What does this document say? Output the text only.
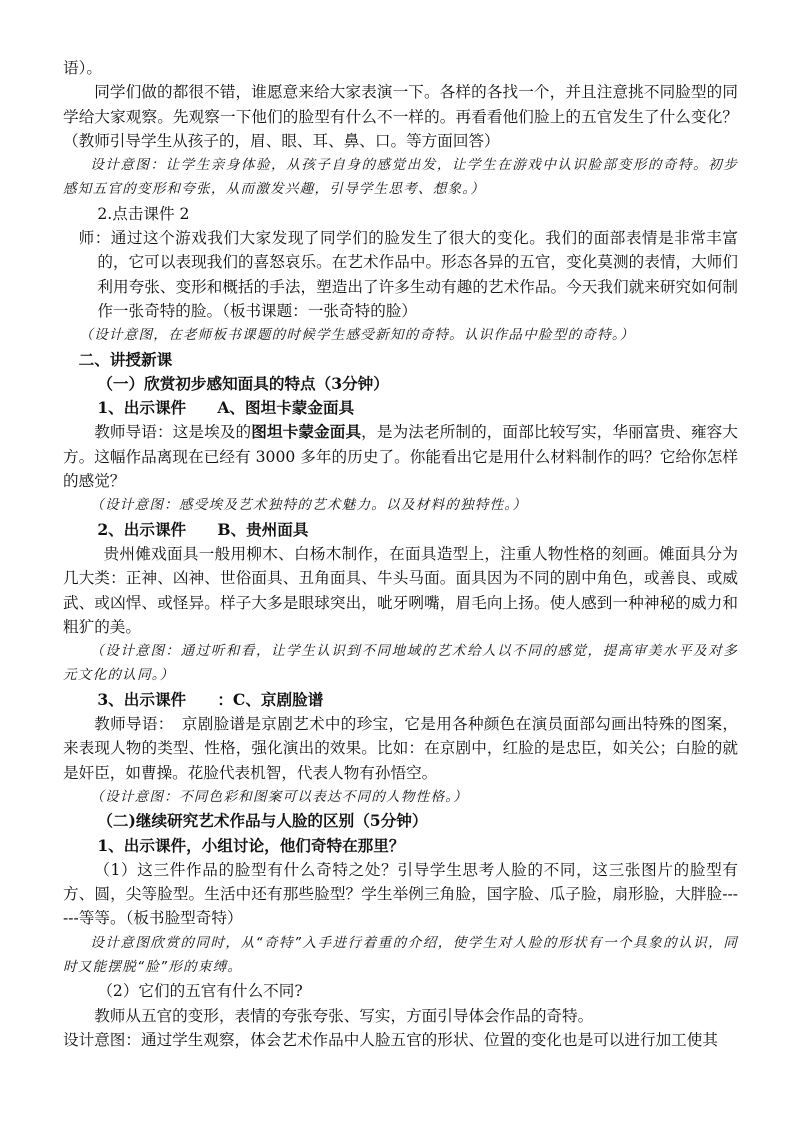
语）。

同学们做的都很不错，谁愿意来给大家表演一下。各样的各找一个，并且注意挑不同脸型的同学给大家观察。先观察一下他们的脸型有什么不一样的。再看看他们脸上的五官发生了什么变化？（教师引导学生从孩子的，眉、眼、耳、鼻、口。等方面回答）

设计意图：让学生亲身体验，从孩子自身的感觉出发，让学生在游戏中认识脸部变形的奇特。初步感知五官的变形和夸张，从而激发兴趣，引导学生思考、想象。）

2.点击课件 2

师：通过这个游戏我们大家发现了同学们的脸发生了很大的变化。我们的面部表情是非常丰富的，它可以表现我们的喜怒哀乐。在艺术作品中。形态各异的五官，变化莫测的表情，大师们利用夸张、变形和概括的手法，塑造出了许多生动有趣的艺术作品。今天我们就来研究如何制作一张奇特的脸。（板书课题：一张奇特的脸）

（设计意图，在老师板书课题的时候学生感受新知的奇特。认识作品中脸型的奇特。）

二、讲授新课

（一）欣赏初步感知面具的特点（3分钟）

1、出示课件　　A、图坦卡蒙金面具

教师导语：这是埃及的图坦卡蒙金面具，是为法老所制的，面部比较写实，华丽富贵、雍容大方。这幅作品离现在已经有 3000 多年的历史了。你能看出它是用什么材料制作的吗？它给你怎样的感觉？

（设计意图：感受埃及艺术独特的艺术魅力。以及材料的独特性。）

2、出示课件　　B、贵州面具

贵州傩戏面具一般用柳木、白杨木制作，在面具造型上，注重人物性格的刻画。傩面具分为几大类：正神、凶神、世俗面具、丑角面具、牛头马面。面具因为不同的剧中角色，或善良、或威武、或凶悍、或怪异。样子大多是眼球突出，呲牙咧嘴，眉毛向上扬。使人感到一种神秘的威力和粗犷的美。

（设计意图：通过听和看，让学生认识到不同地域的艺术给人以不同的感觉，提高审美水平及对多元文化的认同。）

3、出示课件　　：C、京剧脸谱

教师导语：　京剧脸谱是京剧艺术中的珍宝，它是用各种颜色在演员面部勾画出特殊的图案，来表现人物的类型、性格，强化演出的效果。比如：在京剧中，红脸的是忠臣，如关公；白脸的就是奸臣，如曹操。花脸代表机智，代表人物有孙悟空。

（设计意图：不同色彩和图案可以表达不同的人物性格。）

（二)继续研究艺术作品与人脸的区别（5分钟）

1、出示课件，小组讨论，他们奇特在那里？

（1）这三件作品的脸型有什么奇特之处？引导学生思考人脸的不同，这三张图片的脸型有方、圆，尖等脸型。生活中还有那些脸型？学生举例三角脸，国字脸、瓜子脸，扇形脸，大胖脸------等等。（板书脸型奇特）

设计意图欣赏的同时，从“奇特”入手进行着重的介绍，使学生对人脸的形状有一个具象的认识，同时又能摆脱“脸”形的束缚。

（2）它们的五官有什么不同?

教师从五官的变形，表情的夸张夸张、写实，方面引导体会作品的奇特。

设计意图：通过学生观察，体会艺术作品中人脸五官的形状、位置的变化也是可以进行加工使其
